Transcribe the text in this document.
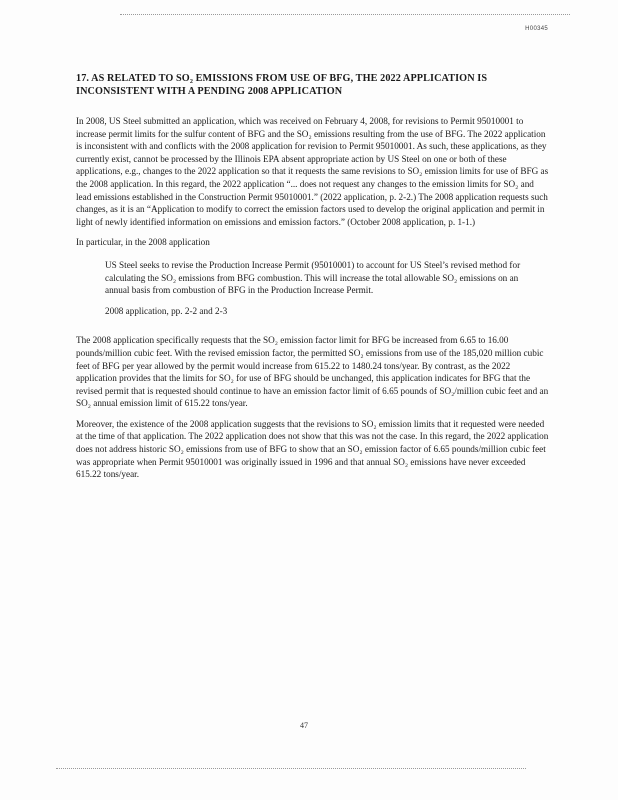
H00345
17. AS RELATED TO SO₂ EMISSIONS FROM USE OF BFG, THE 2022 APPLICATION IS INCONSISTENT WITH A PENDING 2008 APPLICATION

In 2008, US Steel submitted an application, which was received on February 4, 2008, for revisions to Permit 95010001 to increase permit limits for the sulfur content of BFG and the SO₂ emissions resulting from the use of BFG. The 2022 application is inconsistent with and conflicts with the 2008 application for revision to Permit 95010001. As such, these applications, as they currently exist, cannot be processed by the Illinois EPA absent appropriate action by US Steel on one or both of these applications, e.g., changes to the 2022 application so that it requests the same revisions to SO₂ emission limits for use of BFG as the 2008 application. In this regard, the 2022 application “... does not request any changes to the emission limits for SO₂ and lead emissions established in the Construction Permit 95010001.” (2022 application, p. 2-2.) The 2008 application requests such changes, as it is an “Application to modify to correct the emission factors used to develop the original application and permit in light of newly identified information on emissions and emission factors.” (October 2008 application, p. 1-1.)

In particular, in the 2008 application

US Steel seeks to revise the Production Increase Permit (95010001) to account for US Steel’s revised method for calculating the SO₂ emissions from BFG combustion. This will increase the total allowable SO₂ emissions on an annual basis from combustion of BFG in the Production Increase Permit.

2008 application, pp. 2-2 and 2-3

The 2008 application specifically requests that the SO₂ emission factor limit for BFG be increased from 6.65 to 16.00 pounds/million cubic feet. With the revised emission factor, the permitted SO₂ emissions from use of the 185,020 million cubic feet of BFG per year allowed by the permit would increase from 615.22 to 1480.24 tons/year. By contrast, as the 2022 application provides that the limits for SO₂ for use of BFG should be unchanged, this application indicates for BFG that the revised permit that is requested should continue to have an emission factor limit of 6.65 pounds of SO₂/million cubic feet and an SO₂ annual emission limit of 615.22 tons/year.

Moreover, the existence of the 2008 application suggests that the revisions to SO₂ emission limits that it requested were needed at the time of that application. The 2022 application does not show that this was not the case. In this regard, the 2022 application does not address historic SO₂ emissions from use of BFG to show that an SO₂ emission factor of 6.65 pounds/million cubic feet was appropriate when Permit 95010001 was originally issued in 1996 and that annual SO₂ emissions have never exceeded 615.22 tons/year.

47
